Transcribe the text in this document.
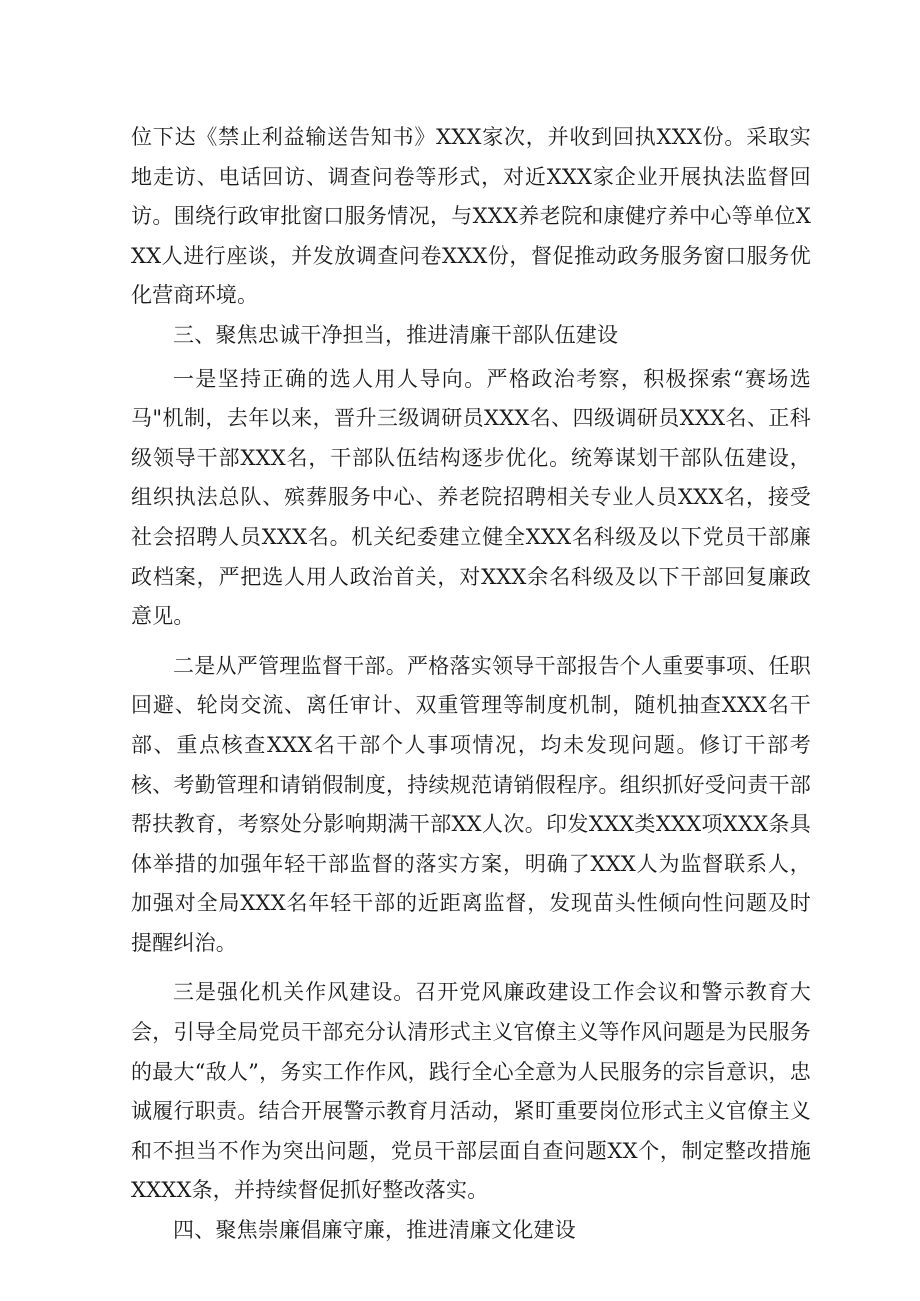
位下达《禁止利益输送告知书》XXX家次，并收到回执XXX份。采取实地走访、电话回访、调查问卷等形式，对近XXX家企业开展执法监督回访。围绕行政审批窗口服务情况，与XXX养老院和康健疗养中心等单位XXX人进行座谈，并发放调查问卷XXX份，督促推动政务服务窗口服务优化营商环境。

三、聚焦忠诚干净担当，推进清廉干部队伍建设

一是坚持正确的选人用人导向。严格政治考察，积极探索“赛场选马"机制，去年以来，晋升三级调研员XXX名、四级调研员XXX名、正科级领导干部XXX名，干部队伍结构逐步优化。统筹谋划干部队伍建设，组织执法总队、殡葬服务中心、养老院招聘相关专业人员XXX名，接受社会招聘人员XXX名。机关纪委建立健全XXX名科级及以下党员干部廉政档案，严把选人用人政治首关，对XXX余名科级及以下干部回复廉政意见。

二是从严管理监督干部。严格落实领导干部报告个人重要事项、任职回避、轮岗交流、离任审计、双重管理等制度机制，随机抽查XXX名干部、重点核查XXX名干部个人事项情况，均未发现问题。修订干部考核、考勤管理和请销假制度，持续规范请销假程序。组织抓好受问责干部帮扶教育，考察处分影响期满干部XX人次。印发XXX类XXX项XXX条具体举措的加强年轻干部监督的落实方案，明确了XXX人为监督联系人，加强对全局XXX名年轻干部的近距离监督，发现苗头性倾向性问题及时提醒纠治。

三是强化机关作风建设。召开党风廉政建设工作会议和警示教育大会，引导全局党员干部充分认清形式主义官僚主义等作风问题是为民服务的最大“敌人”，务实工作作风，践行全心全意为人民服务的宗旨意识，忠诚履行职责。结合开展警示教育月活动，紧盯重要岗位形式主义官僚主义和不担当不作为突出问题，党员干部层面自查问题XX个，制定整改措施XXXX条，并持续督促抓好整改落实。

四、聚焦崇廉倡廉守廉，推进清廉文化建设
